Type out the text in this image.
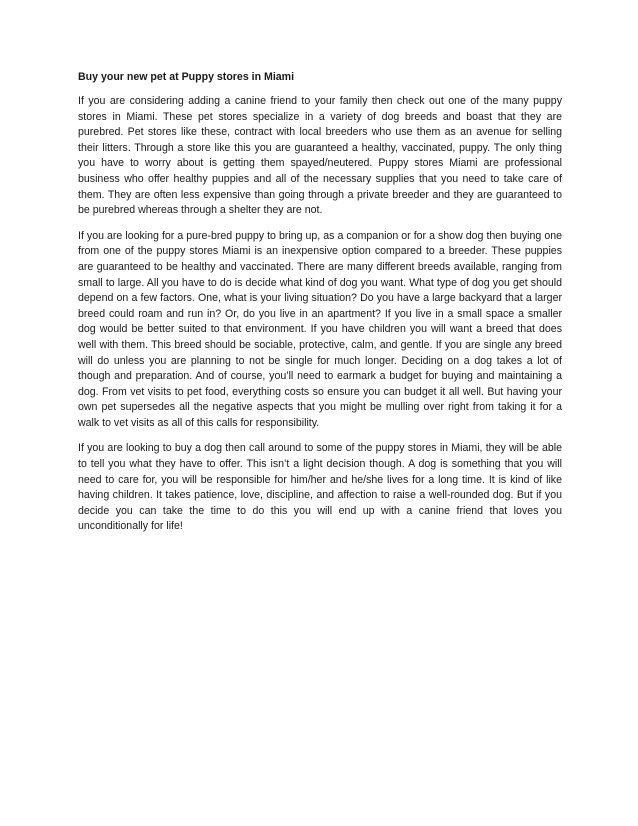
Buy your new pet at Puppy stores in Miami

If you are considering adding a canine friend to your family then check out one of the many puppy stores in Miami. These pet stores specialize in a variety of dog breeds and boast that they are purebred. Pet stores like these, contract with local breeders who use them as an avenue for selling their litters. Through a store like this you are guaranteed a healthy, vaccinated, puppy. The only thing you have to worry about is getting them spayed/neutered. Puppy stores Miami are professional business who offer healthy puppies and all of the necessary supplies that you need to take care of them. They are often less expensive than going through a private breeder and they are guaranteed to be purebred whereas through a shelter they are not.

If you are looking for a pure-bred puppy to bring up, as a companion or for a show dog then buying one from one of the puppy stores Miami is an inexpensive option compared to a breeder. These puppies are guaranteed to be healthy and vaccinated. There are many different breeds available, ranging from small to large. All you have to do is decide what kind of dog you want. What type of dog you get should depend on a few factors. One, what is your living situation? Do you have a large backyard that a larger breed could roam and run in? Or, do you live in an apartment? If you live in a small space a smaller dog would be better suited to that environment. If you have children you will want a breed that does well with them. This breed should be sociable, protective, calm, and gentle. If you are single any breed will do unless you are planning to not be single for much longer. Deciding on a dog takes a lot of though and preparation. And of course, you’ll need to earmark a budget for buying and maintaining a dog. From vet visits to pet food, everything costs so ensure you can budget it all well. But having your own pet supersedes all the negative aspects that you might be mulling over right from taking it for a walk to vet visits as all of this calls for responsibility.

If you are looking to buy a dog then call around to some of the puppy stores in Miami, they will be able to tell you what they have to offer. This isn’t a light decision though. A dog is something that you will need to care for, you will be responsible for him/her and he/she lives for a long time. It is kind of like having children. It takes patience, love, discipline, and affection to raise a well-rounded dog. But if you decide you can take the time to do this you will end up with a canine friend that loves you unconditionally for life!
